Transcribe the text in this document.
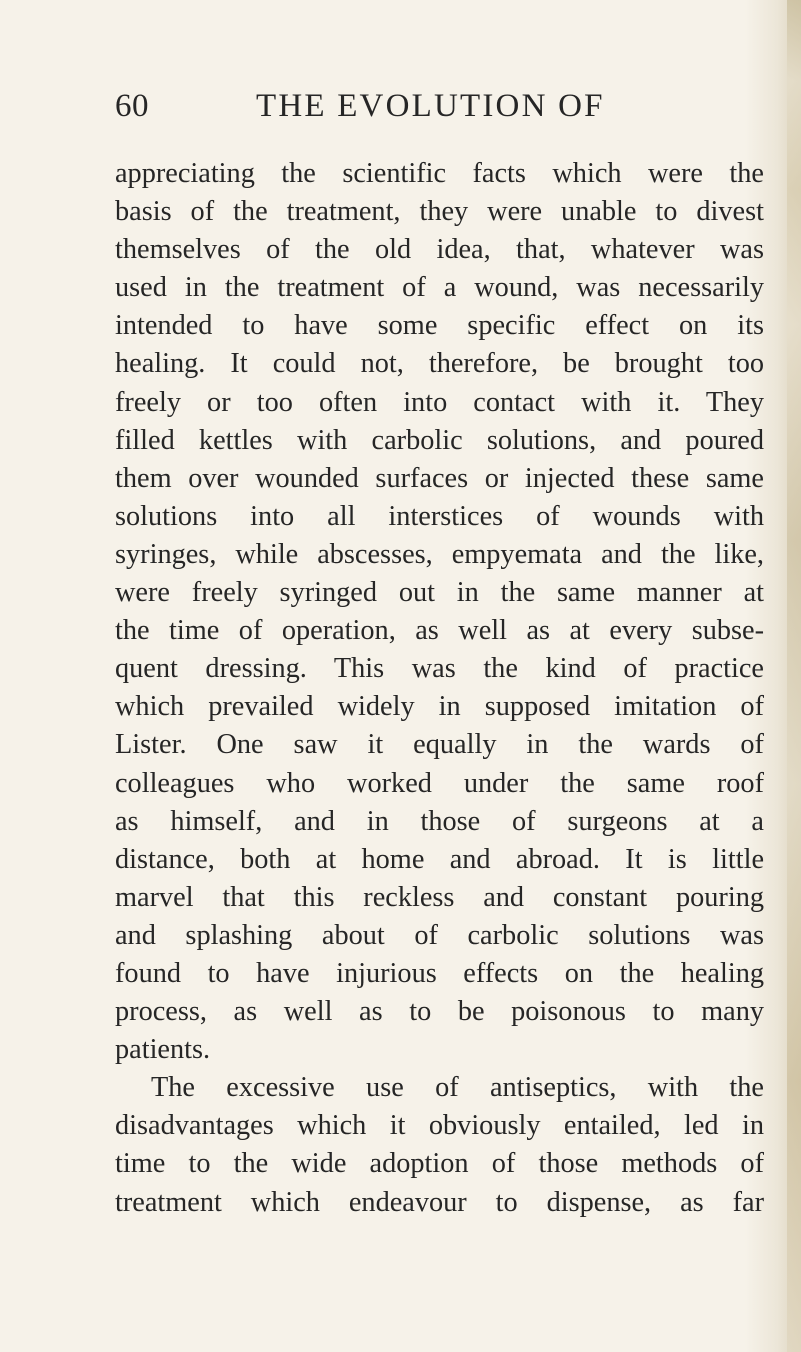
60	THE EVOLUTION OF
appreciating the scientific facts which were the
basis of the treatment, they were unable to divest
themselves of the old idea, that, whatever was
used in the treatment of a wound, was necessarily
intended to have some specific effect on its
healing. It could not, therefore, be brought too
freely or too often into contact with it. They
filled kettles with carbolic solutions, and poured
them over wounded surfaces or injected these same
solutions into all interstices of wounds with
syringes, while abscesses, empyemata and the like,
were freely syringed out in the same manner at
the time of operation, as well as at every subse-
quent dressing. This was the kind of practice
which prevailed widely in supposed imitation of
Lister. One saw it equally in the wards of
colleagues who worked under the same roof
as himself, and in those of surgeons at a
distance, both at home and abroad. It is little
marvel that this reckless and constant pouring
and splashing about of carbolic solutions was
found to have injurious effects on the healing
process, as well as to be poisonous to many
patients.
The excessive use of antiseptics, with the
disadvantages which it obviously entailed, led in
time to the wide adoption of those methods of
treatment which endeavour to dispense, as far
